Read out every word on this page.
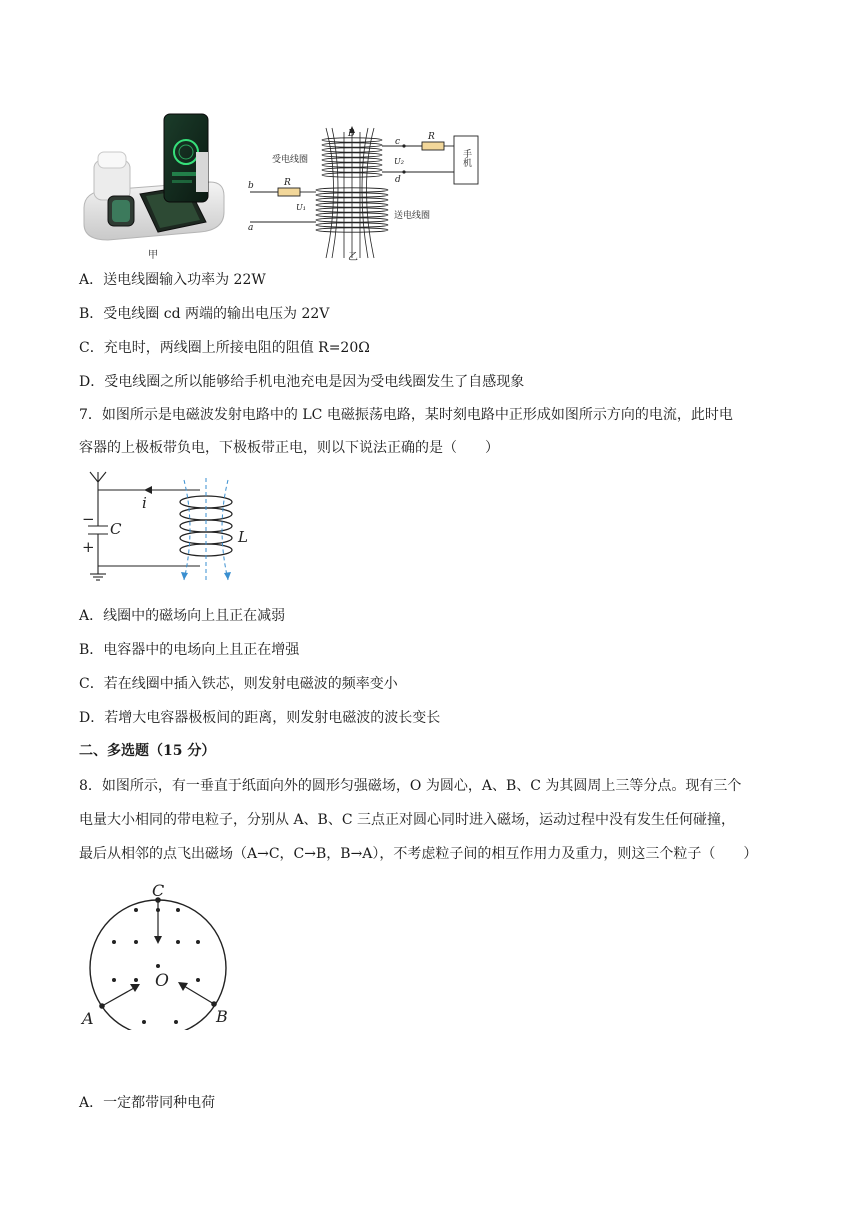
甲
B
c
d
R
R
U₂
U₁
b
a
受电线圈
送电线圈
手机
乙
A．送电线圈输入功率为 22W
B．受电线圈 cd 两端的输出电压为 22V
C．充电时，两线圈上所接电阻的阻值 R=20Ω
D．受电线圈之所以能够给手机电池充电是因为受电线圈发生了自感现象
7．如图所示是电磁波发射电路中的 LC 电磁振荡电路，某时刻电路中正形成如图所示方向的电流，此时电
容器的上极板带负电，下极板带正电，则以下说法正确的是（　　）
i
C	L
−
+
A．线圈中的磁场向上且正在减弱
B．电容器中的电场向上且正在增强
C．若在线圈中插入铁芯，则发射电磁波的频率变小
D．若增大电容器极板间的距离，则发射电磁波的波长变长
二、多选题（15 分）
8．如图所示，有一垂直于纸面向外的圆形匀强磁场，O 为圆心，A、B、C 为其圆周上三等分点。现有三个
电量大小相同的带电粒子，分别从 A、B、C 三点正对圆心同时进入磁场，运动过程中没有发生任何碰撞，
最后从相邻的点飞出磁场（A→C，C→B，B→A），不考虑粒子间的相互作用力及重力，则这三个粒子（　　）
C
O
A	B
A．一定都带同种电荷
